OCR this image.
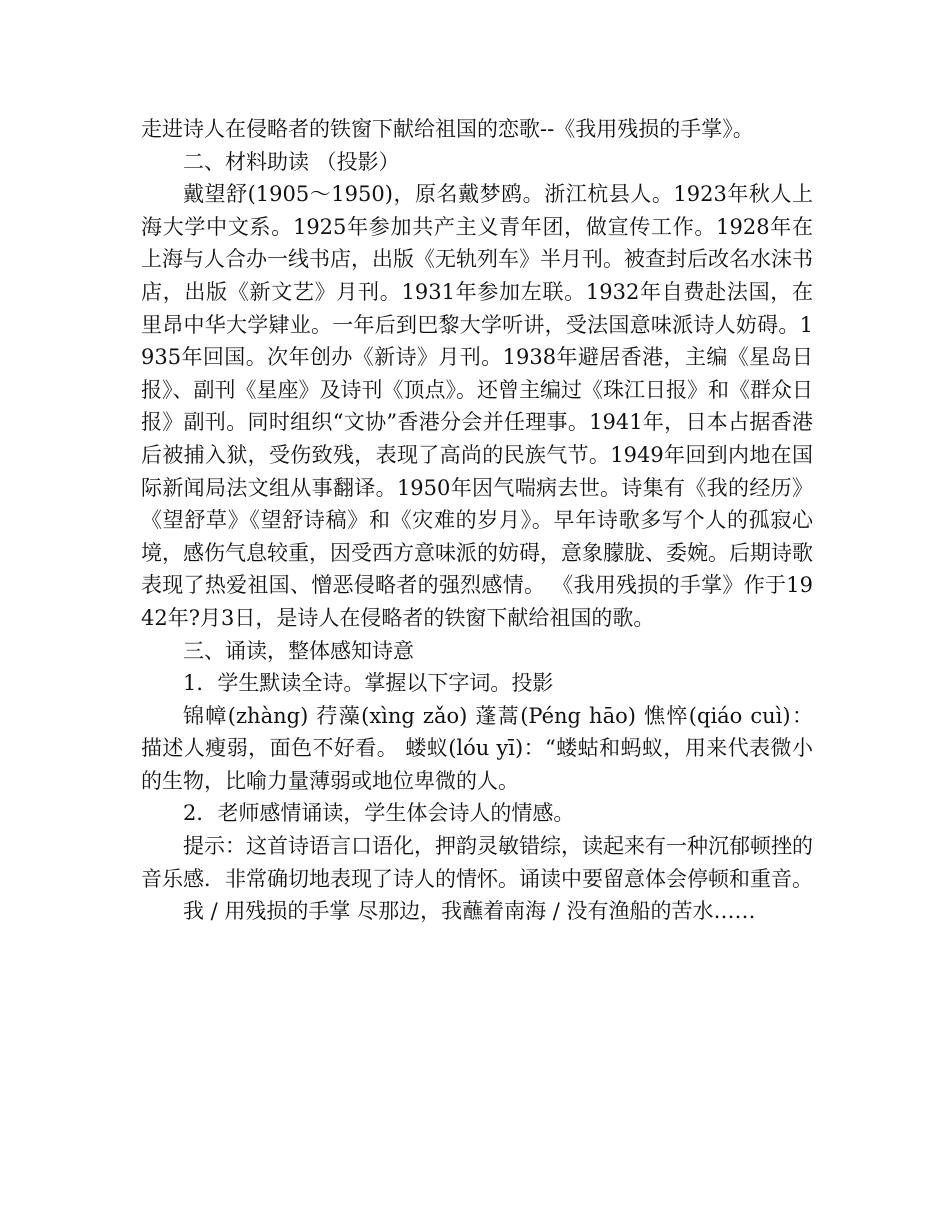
走进诗人在侵略者的铁窗下献给祖国的恋歌--《我用残损的手掌》。

二、材料助读 （投影）

戴望舒(1905～1950)，原名戴梦鸥。浙江杭县人。1923年秋人上海大学中文系。1925年参加共产主义青年团，做宣传工作。1928年在上海与人合办一线书店，出版《无轨列车》半月刊。被查封后改名水沫书店，出版《新文艺》月刊。1931年参加左联。1932年自费赴法国，在里昂中华大学肄业。一年后到巴黎大学听讲，受法国意味派诗人妨碍。1935年回国。次年创办《新诗》月刊。1938年避居香港，主编《星岛日报》、副刊《星座》及诗刊《顶点》。还曾主编过《珠江日报》和《群众日报》副刊。同时组织“文协”香港分会并任理事。1941年，日本占据香港后被捕入狱，受伤致残，表现了高尚的民族气节。1949年回到内地在国际新闻局法文组从事翻译。1950年因气喘病去世。诗集有《我的经历》《望舒草》《望舒诗稿》和《灾难的岁月》。早年诗歌多写个人的孤寂心境，感伤气息较重，因受西方意味派的妨碍，意象朦胧、委婉。后期诗歌表现了热爱祖国、憎恶侵略者的强烈感情。 《我用残损的手掌》作于1942年?月3日，是诗人在侵略者的铁窗下献给祖国的歌。

三、诵读，整体感知诗意

1．学生默读全诗。掌握以下字词。投影

锦幛(zhàng) 荇藻(xìng zǎo) 蓬蒿(Péng hāo) 憔悴(qiáo cuì)：描述人瘦弱，面色不好看。 蝼蚁(lóu yī)：“蝼蛄和蚂蚁，用来代表微小的生物，比喻力量薄弱或地位卑微的人。

2．老师感情诵读，学生体会诗人的情感。

提示：这首诗语言口语化，押韵灵敏错综，读起来有一种沉郁顿挫的音乐感．非常确切地表现了诗人的情怀。诵读中要留意体会停顿和重音。

我 / 用残损的手掌 尽那边，我蘸着南海 / 没有渔船的苦水……
